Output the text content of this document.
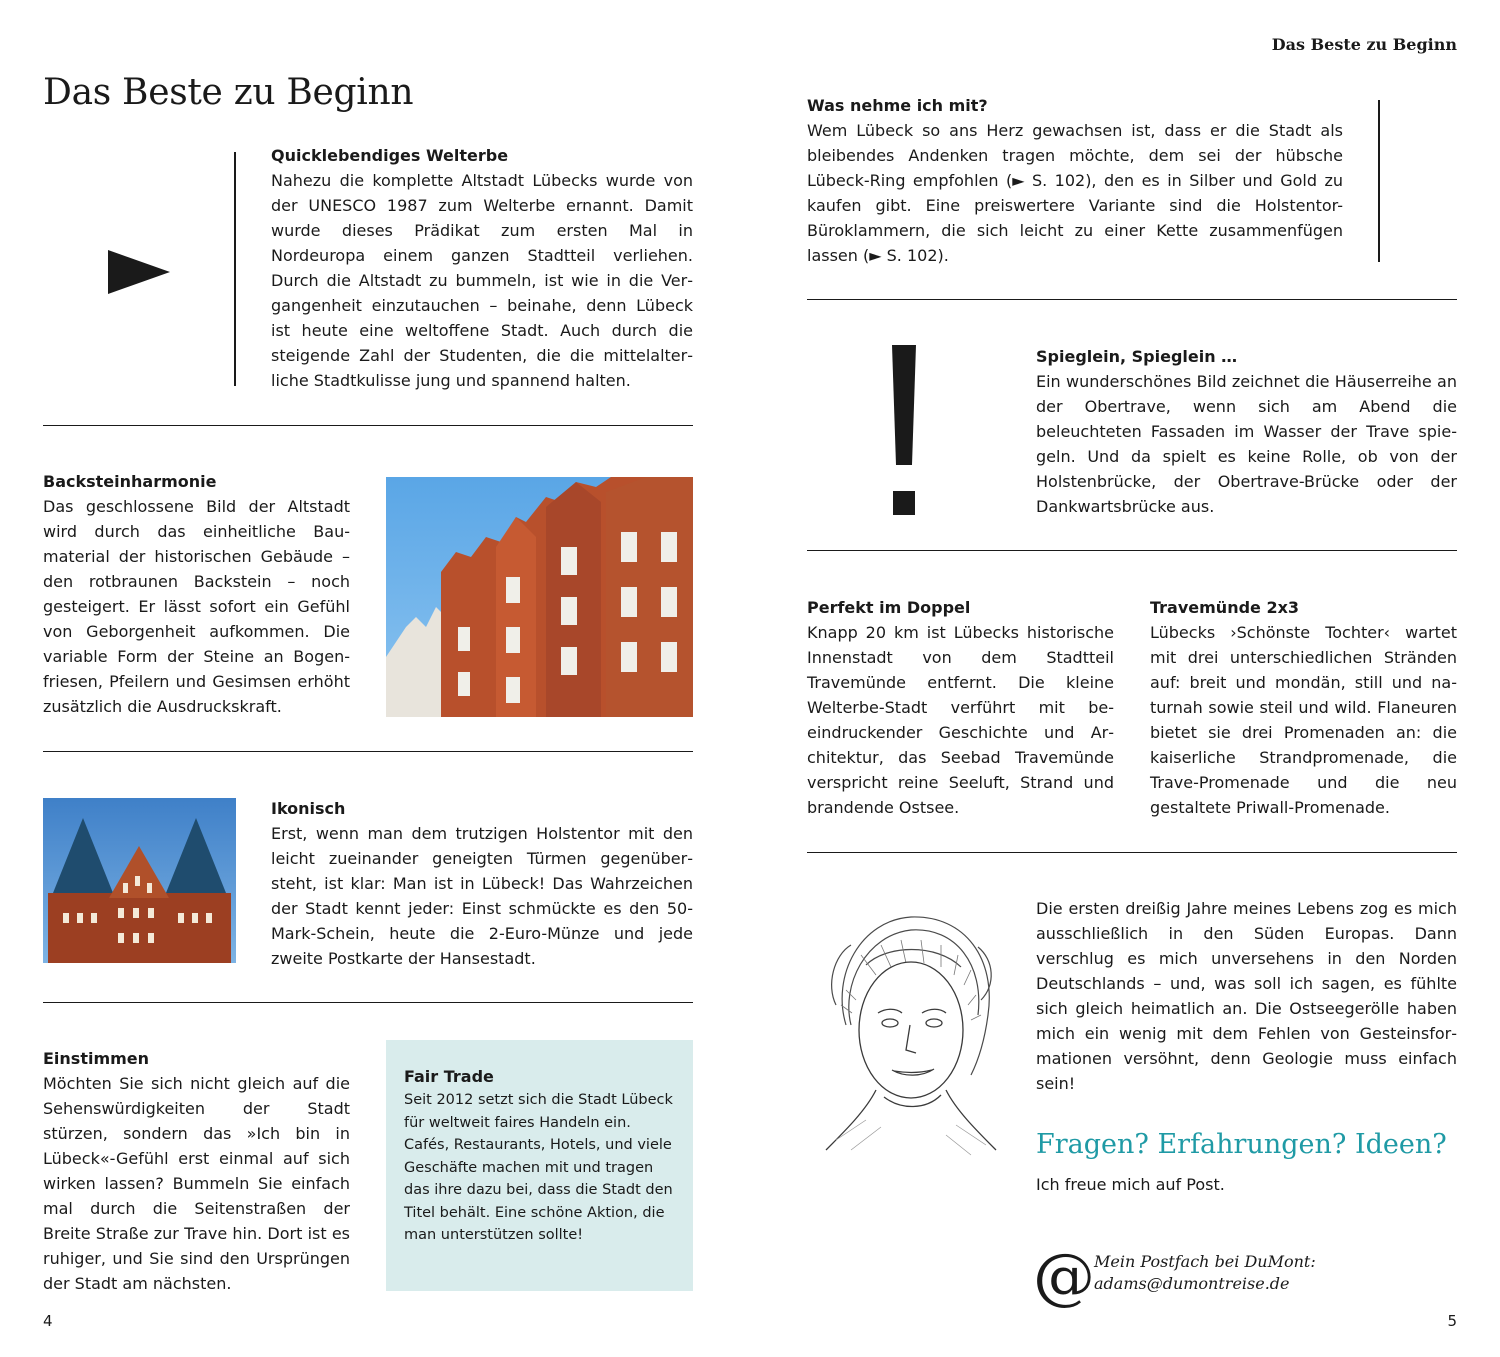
Das Beste zu Beginn
Das Beste zu Beginn
Quicklebendiges Welterbe

Nahezu die komplette Altstadt Lübecks wurde von der UNESCO 1987 zum Welterbe ernannt. Damit wurde dieses Prädikat zum ersten Mal in Nordeuropa einem ganzen Stadtteil verliehen. Durch die Altstadt zu bummeln, ist wie in die Vergangenheit einzutauchen – beinahe, denn Lübeck ist heute eine weltoffene Stadt. Auch durch die steigende Zahl der Studenten, die die mittelalterliche Stadtkulisse jung und spannend halten.

Backsteinharmonie

Das geschlossene Bild der Altstadt wird durch das einheitliche Baumaterial der historischen Gebäude – den rotbraunen Backstein – noch gesteigert. Er lässt sofort ein Gefühl von Geborgenheit aufkommen. Die variable Form der Steine an Bogenfriesen, Pfeilern und Gesimsen erhöht zusätzlich die Ausdruckskraft.

Ikonisch

Erst, wenn man dem trutzigen Holstentor mit den leicht zueinander geneigten Türmen gegenübersteht, ist klar: Man ist in Lübeck! Das Wahrzeichen der Stadt kennt jeder: Einst schmückte es den 50-Mark-Schein, heute die 2-Euro-Münze und jede zweite Postkarte der Hansestadt.

Einstimmen

Möchten Sie sich nicht gleich auf die Sehenswürdigkeiten der Stadt stürzen, sondern das »Ich bin in Lübeck«-Gefühl erst einmal auf sich wirken lassen? Bummeln Sie einfach mal durch die Seitenstraßen der Breite Straße zur Trave hin. Dort ist es ruhiger, und Sie sind den Ursprüngen der Stadt am nächsten.

Fair Trade

Seit 2012 setzt sich die Stadt Lübeck für weltweit faires Handeln ein. Cafés, Restaurants, Hotels, und viele Geschäfte machen mit und tragen das ihre dazu bei, dass die Stadt den Titel behält. Eine schöne Aktion, die man unterstützen sollte!

4
Was nehme ich mit?

Wem Lübeck so ans Herz gewachsen ist, dass er die Stadt als bleibendes Andenken tragen möchte, dem sei der hübsche Lübeck-Ring empfohlen (► S. 102), den es in Silber und Gold zu kaufen gibt. Eine preiswertere Variante sind die Holstentor-Büroklammern, die sich leicht zu einer Kette zusammenfügen lassen (► S. 102).

Spieglein, Spieglein …

Ein wunderschönes Bild zeichnet die Häuserreihe an der Obertrave, wenn sich am Abend die beleuchteten Fassaden im Wasser der Trave spiegeln. Und da spielt es keine Rolle, ob von der Holstenbrücke, der Obertrave-Brücke oder der Dankwartsbrücke aus.

Perfekt im Doppel

Knapp 20 km ist Lübecks historische Innenstadt von dem Stadtteil Travemünde entfernt. Die kleine Welterbe-Stadt verführt mit beeindruckender Geschichte und Architektur, das Seebad Travemünde verspricht reine Seeluft, Strand und brandende Ostsee.

Travemünde 2x3

Lübecks ›Schönste Tochter‹ wartet mit drei unterschiedlichen Stränden auf: breit und mondän, still und naturnah sowie steil und wild. Flaneuren bietet sie drei Promenaden an: die kaiserliche Strandpromenade, die Trave-Promenade und die neu gestaltete Priwall-Promenade.

Die ersten dreißig Jahre meines Lebens zog es mich ausschließlich in den Süden Europas. Dann verschlug es mich unversehens in den Norden Deutschlands – und, was soll ich sagen, es fühlte sich gleich heimatlich an. Die Ostseegerölle haben mich ein wenig mit dem Fehlen von Gesteinsformationen versöhnt, denn Geologie muss einfach sein!

Fragen? Erfahrungen? Ideen?
Ich freue mich auf Post.
@ Mein Postfach bei DuMont:
adams@dumontreise.de
5
